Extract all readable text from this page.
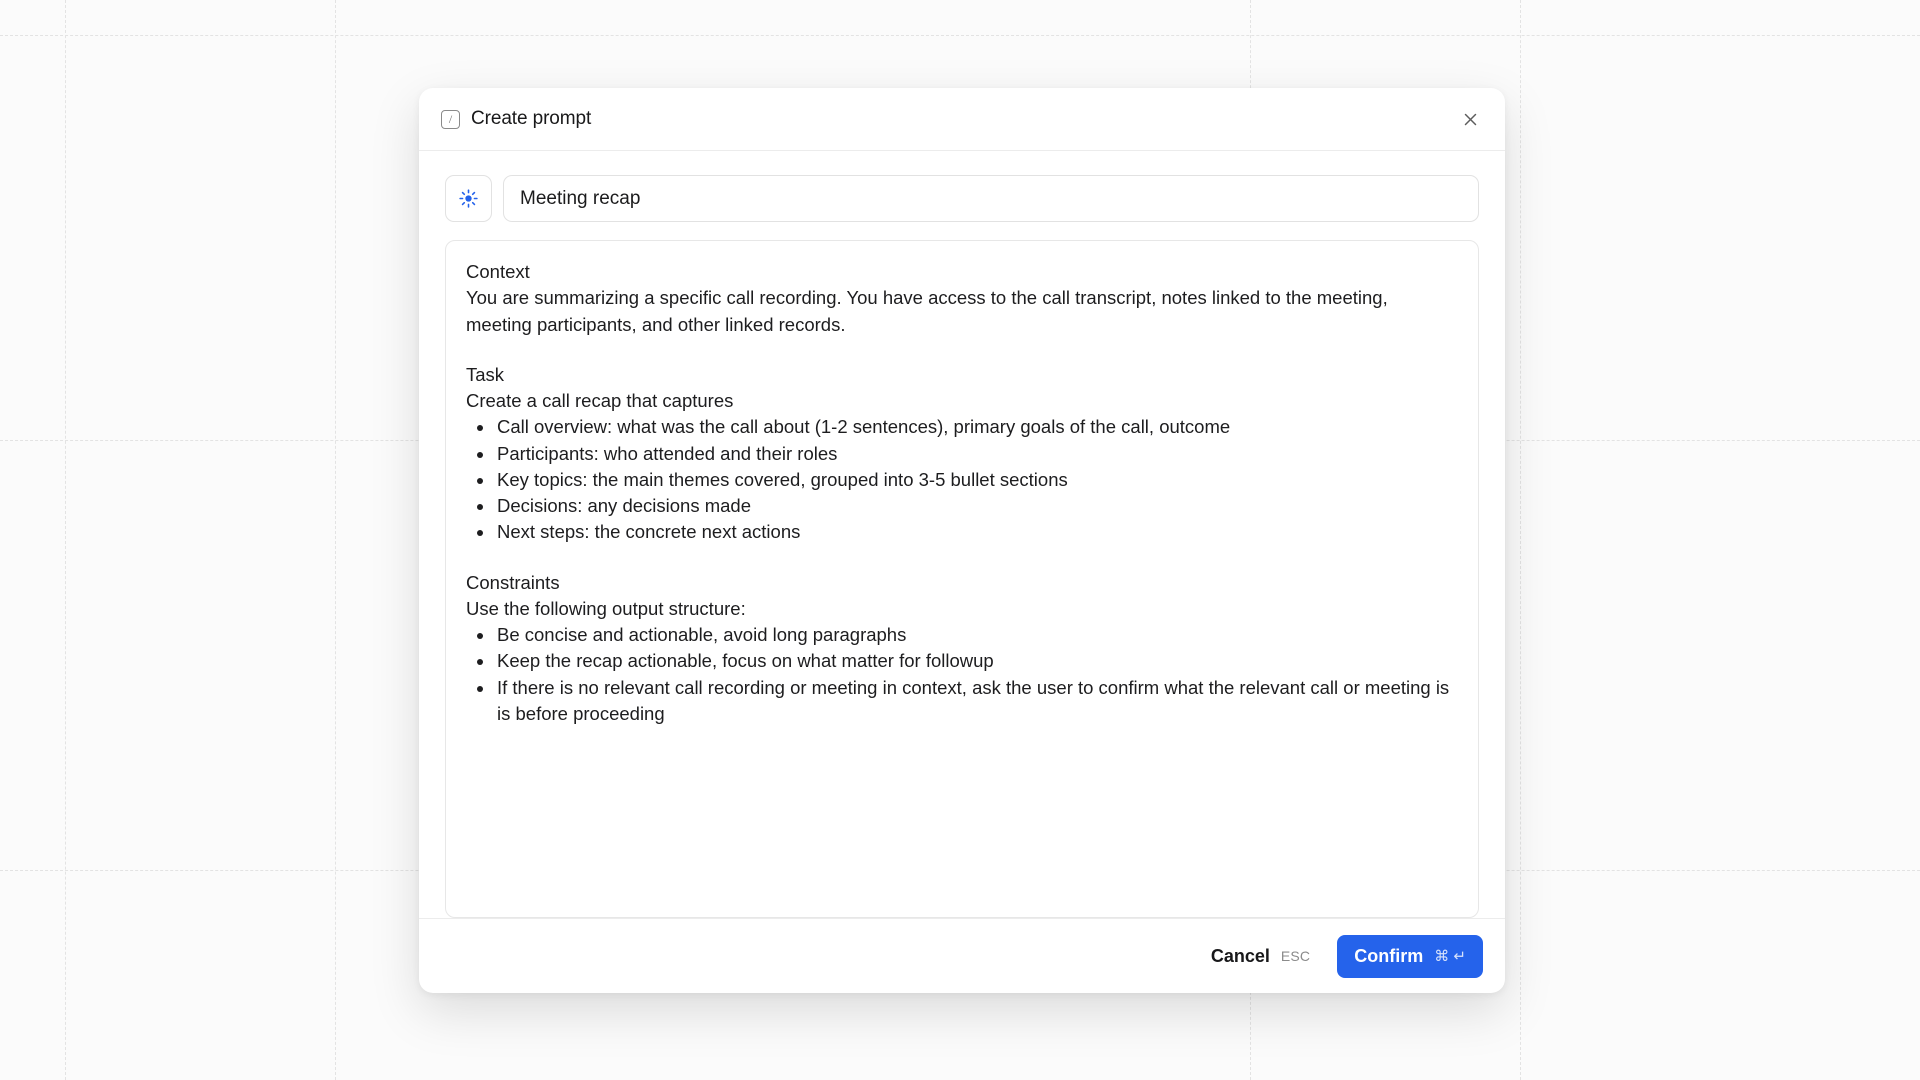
/ Create prompt
Meeting recap
Context
You are summarizing a specific call recording. You have access to the call transcript, notes linked to the meeting, meeting participants, and other linked records.
Task
Create a call recap that captures
• Call overview: what was the call about (1-2 sentences), primary goals of the call, outcome
• Participants: who attended and their roles
• Key topics: the main themes covered, grouped into 3-5 bullet sections
• Decisions: any decisions made
• Next steps: the concrete next actions
Constraints
Use the following output structure:
• Be concise and actionable, avoid long paragraphs
• Keep the recap actionable, focus on what matter for followup
• If there is no relevant call recording or meeting in context, ask the user to confirm what the relevant call or meeting is is before proceeding
Cancel ESC Confirm ⌘ ↵
